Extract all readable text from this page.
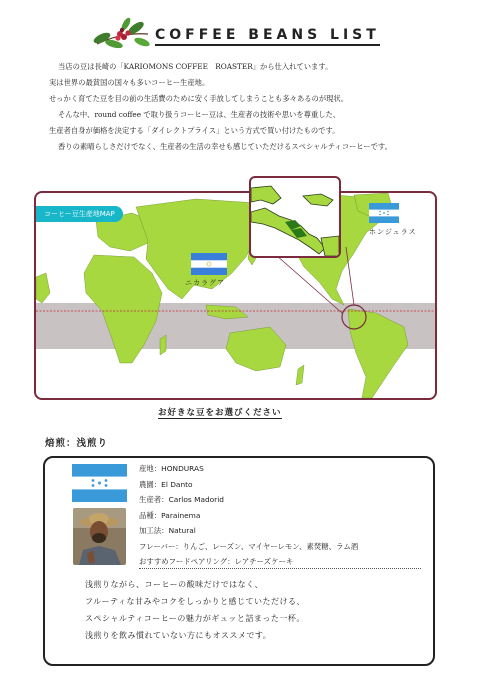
COFFEE BEANS LIST

当店の豆は長崎の「KARIOMONS COFFEE　ROASTER」から仕入れています。

実は世界の最貧国の国々も多いコーヒー生産地。

せっかく育てた豆を目の前の生活費のために安く手放してしまうことも多々あるのが現状。

そんな中、round coffee で取り扱うコーヒー豆は、生産者の技術や思いを尊重した、

生産者自身が価格を決定する「ダイレクトプライス」という方式で買い付けたものです。

香りの素晴らしさだけでなく、生産者の生活の幸せも感じていただけるスペシャルティコーヒーです。

コーヒー豆生産地MAP
ホンジュラス
ニカラグア
お好きな豆をお選びください
焙煎：浅煎り
産地：HONDURAS
農園：El Danto
生産者：Carlos Madorid
品種：Parainema
加工法：Natural
フレーバー：りんご、レーズン、マイヤーレモン、素焚糖、ラム酒
おすすめフードペアリング：レアチーズケーキ

浅煎りながら、コーヒーの酸味だけではなく、

フルーティな甘みやコクをしっかりと感じていただける、

スペシャルティコーヒーの魅力がギュッと詰まった一杯。

浅煎りを飲み慣れていない方にもオススメです。
